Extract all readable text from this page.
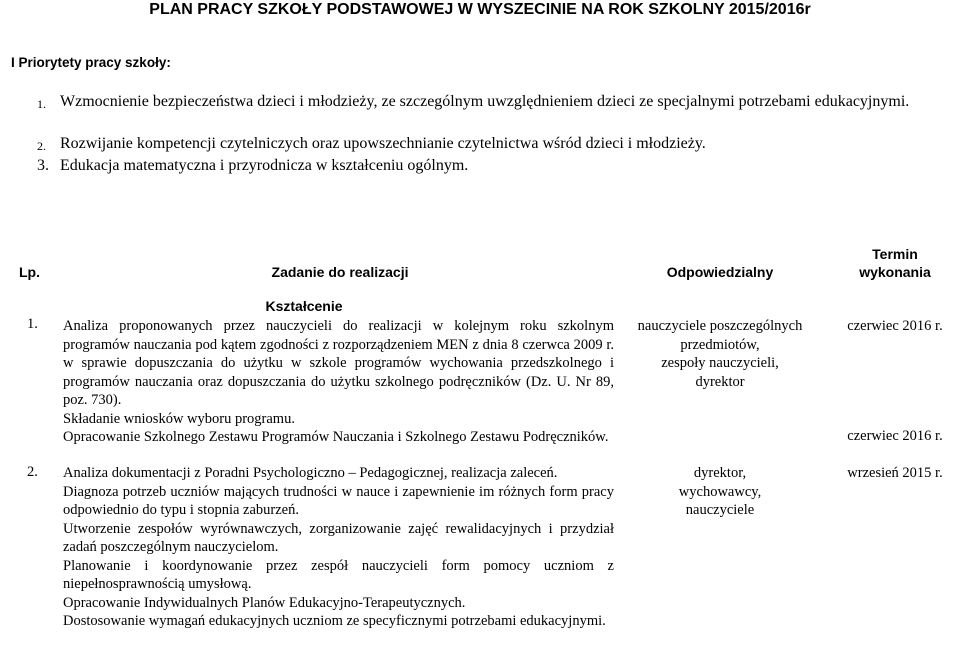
PLAN PRACY SZKOŁY PODSTAWOWEJ W WYSZECINIE NA ROK SZKOLNY 2015/2016r
I Priorytety pracy szkoły:
1. Wzmocnienie bezpieczeństwa dzieci i młodzieży, ze szczególnym uwzględnieniem dzieci ze specjalnymi potrzebami edukacyjnymi.
2. Rozwijanie kompetencji czytelniczych oraz upowszechnianie czytelnictwa wśród dzieci i młodzieży.
3. Edukacja matematyczna i przyrodnicza w kształceniu ogólnym.
Lp.	Zadanie do realizacji	Odpowiedzialny
Termin
wykonania
Kształcenie
1. Analiza proponowanych przez nauczycieli do realizacji w kolejnym roku szkolnym programów nauczania pod kątem zgodności z rozporządzeniem MEN z dnia 8 czerwca 2009 r. w sprawie dopuszczania do użytku w szkole programów wychowania przedszkolnego i programów nauczania oraz dopuszczania do użytku szkolnego podręczników (Dz. U. Nr 89, poz. 730).
Składanie wniosków wyboru programu.
Opracowanie Szkolnego Zestawu Programów Nauczania i Szkolnego Zestawu Podręczników.
nauczyciele poszczególnych
przedmiotów,
zespoły nauczycieli,
dyrektor
czerwiec 2016 r.
czerwiec 2016 r.
2. Analiza dokumentacji z Poradni Psychologiczno – Pedagogicznej, realizacja zaleceń.
Diagnoza potrzeb uczniów mających trudności w nauce i zapewnienie im różnych form pracy odpowiednio do typu i stopnia zaburzeń.
Utworzenie zespołów wyrównawczych, zorganizowanie zajęć rewalidacyjnych i przydział zadań poszczególnym nauczycielom.
Planowanie i koordynowanie przez zespół nauczycieli form pomocy uczniom z niepełnosprawnością umysłową.
Opracowanie Indywidualnych Planów Edukacyjno-Terapeutycznych.
Dostosowanie wymagań edukacyjnych uczniom ze specyficznymi potrzebami edukacyjnymi.
dyrektor,
wychowawcy,
nauczyciele
wrzesień 2015 r.
